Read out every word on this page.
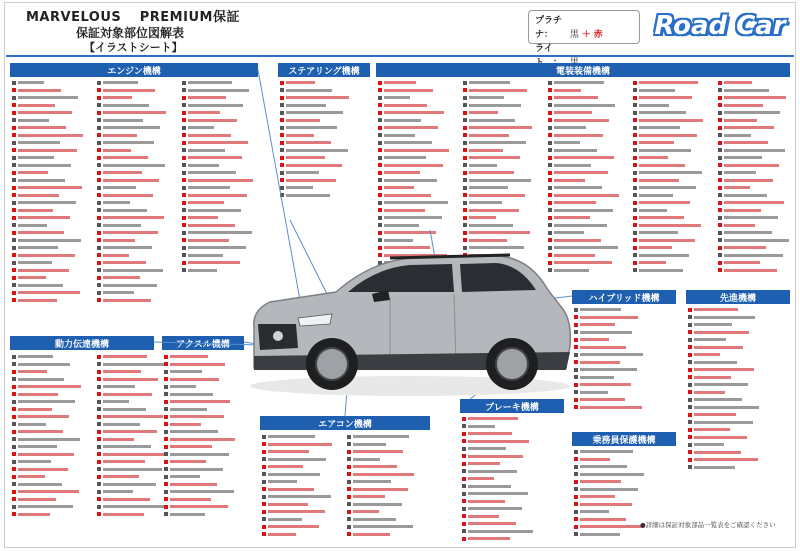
MARVELOUS　 PREMIUM保証
保証対象部位図解表
【イラストシート】
プラチナ： 黒 ＋ 赤
ライ　
Road Car
エンジン機構	ステアリング機構	電装装備機構
動力伝達機構	アクスル機構
ハイブリッド機構	先進機構
エアコン機構
ブレーキ機構
乗務員保護機構
●詳細は保証対象部品一覧表をご確認ください
